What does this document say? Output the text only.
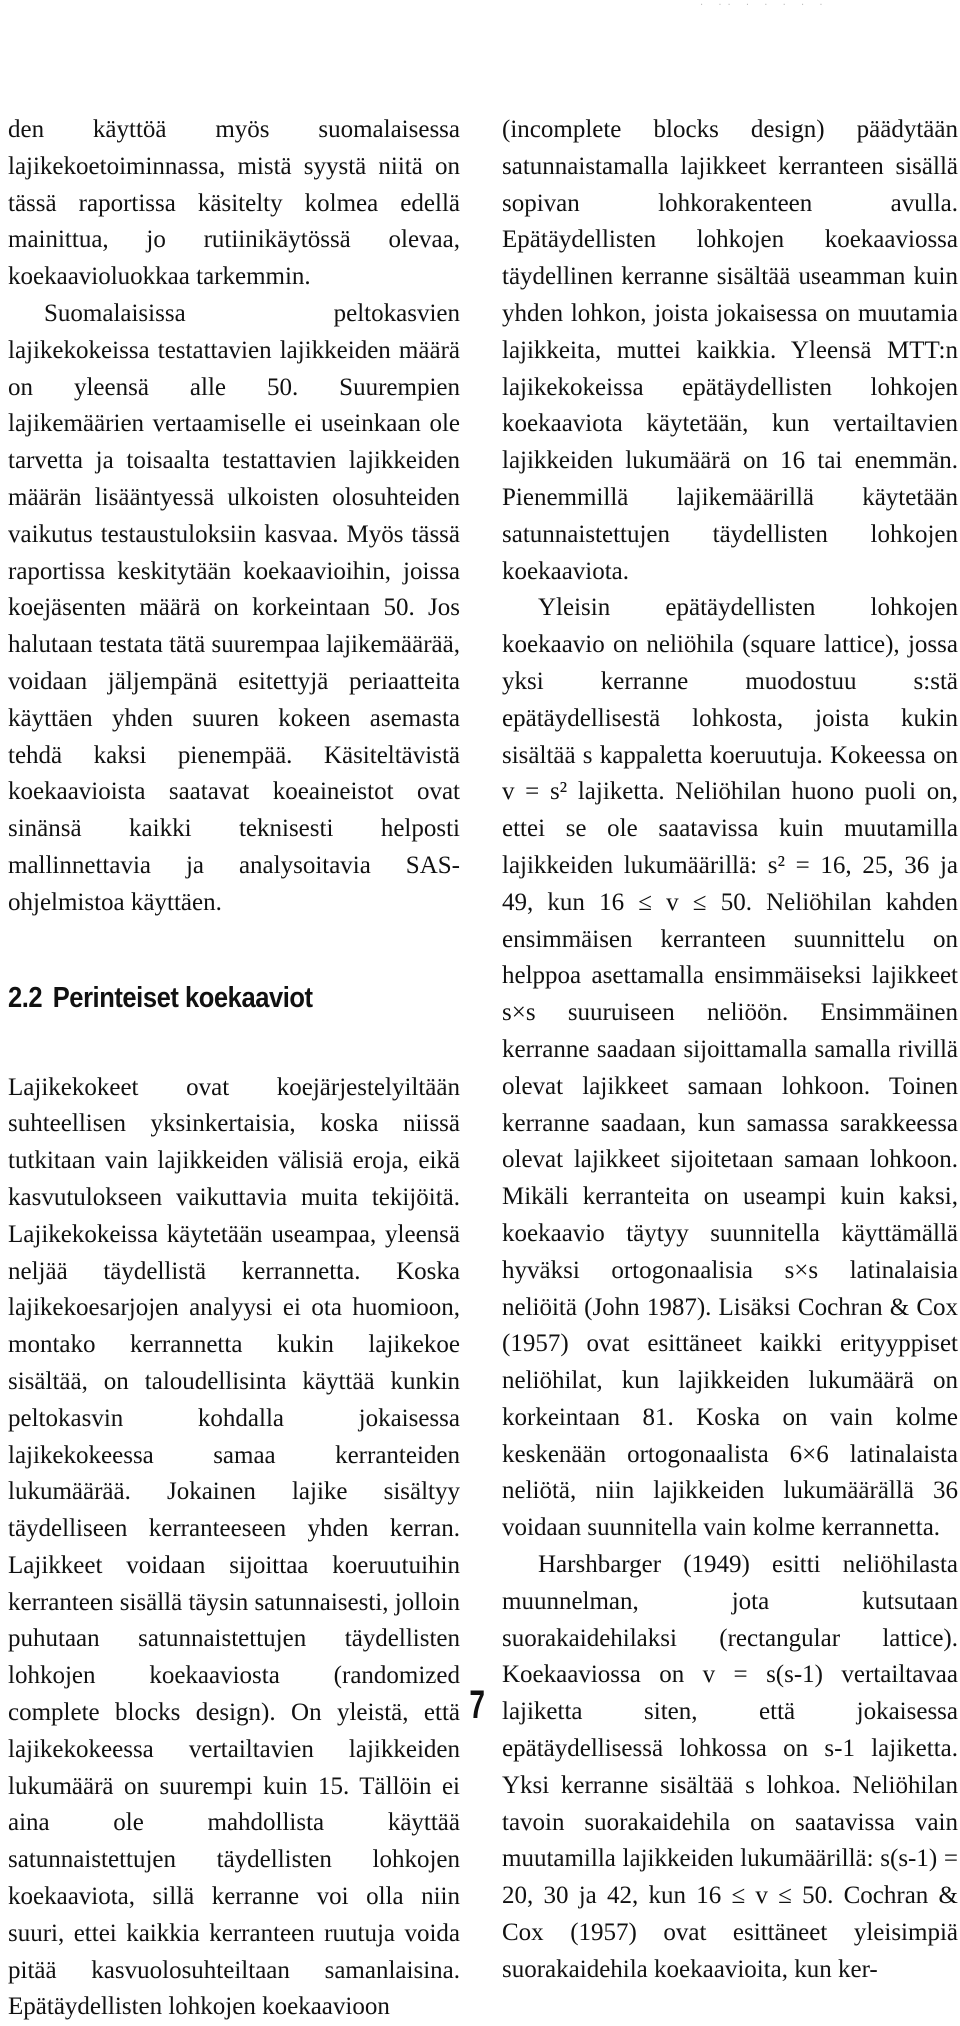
· ·· · · · · ·

den käyttöä myös suomalaisessa lajikekoetoiminnassa, mistä syystä niitä on tässä raportissa käsitelty kolmea edellä mainittua, jo rutiinikäytössä olevaa, koekaavioluokkaa tarkemmin.

Suomalaisissa peltokasvien lajikekokeissa testattavien lajikkeiden määrä on yleensä alle 50. Suurempien lajikemäärien vertaamiselle ei useinkaan ole tarvetta ja toisaalta testattavien lajikkeiden määrän lisääntyessä ulkoisten olosuhteiden vaikutus testaustuloksiin kasvaa. Myös tässä raportissa keskitytään koekaavioihin, joissa koejäsenten määrä on korkeintaan 50. Jos halutaan testata tätä suurempaa lajikemäärää, voidaan jäljempänä esitettyjä periaatteita käyttäen yhden suuren kokeen asemasta tehdä kaksi pienempää. Käsiteltävistä koekaavioista saatavat koeaineistot ovat sinänsä kaikki teknisesti helposti mallinnettavia ja analysoitavia SAS-ohjelmistoa käyttäen.

2.2 Perinteiset koekaaviot

Lajikekokeet ovat koejärjestelyiltään suhteellisen yksinkertaisia, koska niissä tutkitaan vain lajikkeiden välisiä eroja, eikä kasvutulokseen vaikuttavia muita tekijöitä. Lajikekokeissa käytetään useampaa, yleensä neljää täydellistä kerrannetta. Koska lajikekoesarjojen analyysi ei ota huomioon, montako kerrannetta kukin lajikekoe sisältää, on taloudellisinta käyttää kunkin peltokasvin kohdalla jokaisessa lajikekokeessa samaa kerranteiden lukumäärää. Jokainen lajike sisältyy täydelliseen kerranteeseen yhden kerran. Lajikkeet voidaan sijoittaa koeruutuihin kerranteen sisällä täysin satunnaisesti, jolloin puhutaan satunnaistettujen täydellisten lohkojen koekaaviosta (randomized complete blocks design). On yleistä, että lajikekokeessa vertailtavien lajikkeiden lukumäärä on suurempi kuin 15. Tällöin ei aina ole mahdollista käyttää satunnaistettujen täydellisten lohkojen koekaaviota, sillä kerranne voi olla niin suuri, ettei kaikkia kerranteen ruutuja voida pitää kasvuolosuhteiltaan samanlaisina. Epätäydellisten lohkojen koekaavioon

(incomplete blocks design) päädytään satunnaistamalla lajikkeet kerranteen sisällä sopivan lohkorakenteen avulla. Epätäydellisten lohkojen koekaaviossa täydellinen kerranne sisältää useamman kuin yhden lohkon, joista jokaisessa on muutamia lajikkeita, muttei kaikkia. Yleensä MTT:n lajikekokeissa epätäydellisten lohkojen koekaaviota käytetään, kun vertailtavien lajikkeiden lukumäärä on 16 tai enemmän. Pienemmillä lajikemäärillä käytetään satunnaistettujen täydellisten lohkojen koekaaviota.

Yleisin epätäydellisten lohkojen koekaavio on neliöhila (square lattice), jossa yksi kerranne muodostuu s:stä epätäydellisestä lohkosta, joista kukin sisältää s kappaletta koeruutuja. Kokeessa on v = s² lajiketta. Neliöhilan huono puoli on, ettei se ole saatavissa kuin muutamilla lajikkeiden lukumäärillä: s² = 16, 25, 36 ja 49, kun 16 ≤ v ≤ 50. Neliöhilan kahden ensimmäisen kerranteen suunnittelu on helppoa asettamalla ensimmäiseksi lajikkeet s×s suuruiseen neliöön. Ensimmäinen kerranne saadaan sijoittamalla samalla rivillä olevat lajikkeet samaan lohkoon. Toinen kerranne saadaan, kun samassa sarakkeessa olevat lajikkeet sijoitetaan samaan lohkoon. Mikäli kerranteita on useampi kuin kaksi, koekaavio täytyy suunnitella käyttämällä hyväksi ortogonaalisia s×s latinalaisia neliöitä (John 1987). Lisäksi Cochran & Cox (1957) ovat esittäneet kaikki erityyppiset neliöhilat, kun lajikkeiden lukumäärä on korkeintaan 81. Koska on vain kolme keskenään ortogonaalista 6×6 latinalaista neliötä, niin lajikkeiden lukumäärällä 36 voidaan suunnitella vain kolme kerrannetta.

Harshbarger (1949) esitti neliöhilasta muunnelman, jota kutsutaan suorakaidehilaksi (rectangular lattice). Koekaaviossa on v = s(s-1) vertailtavaa lajiketta siten, että jokaisessa epätäydellisessä lohkossa on s-1 lajiketta. Yksi kerranne sisältää s lohkoa. Neliöhilan tavoin suorakaidehila on saatavissa vain muutamilla lajikkeiden lukumäärillä: s(s-1) = 20, 30 ja 42, kun 16 ≤ v ≤ 50. Cochran & Cox (1957) ovat esittäneet yleisimpiä suorakaidehila koekaavioita, kun ker-

7
